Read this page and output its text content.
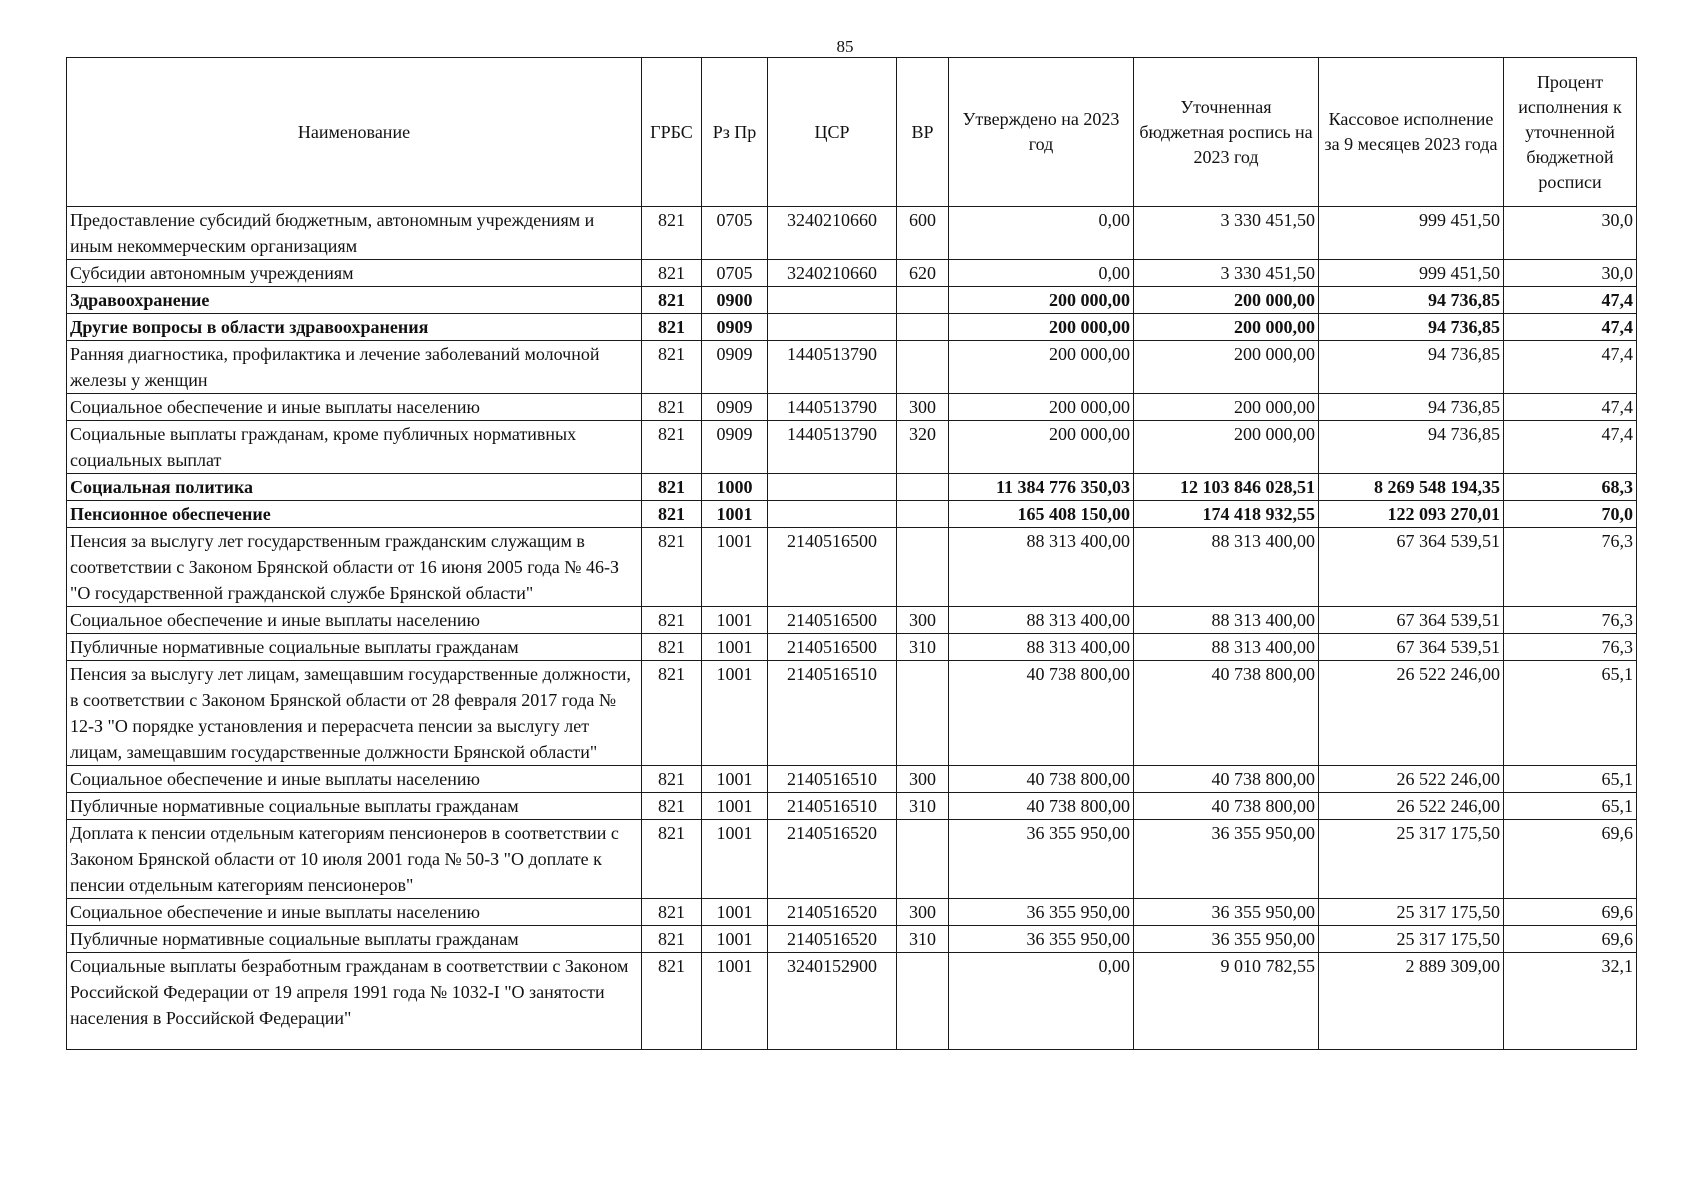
85
Наименование	ГРБС	Рз Пр	ЦСР	ВР	Утверждено на 2023 год	Уточненная бюджетная роспись на 2023 год	Кассовое исполнение за 9 месяцев 2023 года	Процент исполнения к уточненной бюджетной росписи
Предоставление субсидий бюджетным, автономным учреждениям и иным некоммерческим организациям	821	0705	3240210660	600	0,00	3 330 451,50	999 451,50	30,0
Субсидии автономным учреждениям	821	0705	3240210660	620	0,00	3 330 451,50	999 451,50	30,0
Здравоохранение	821	0900			200 000,00	200 000,00	94 736,85	47,4
Другие вопросы в области здравоохранения	821	0909			200 000,00	200 000,00	94 736,85	47,4
Ранняя диагностика, профилактика и лечение заболеваний молочной железы у женщин	821	0909	1440513790		200 000,00	200 000,00	94 736,85	47,4
Социальное обеспечение и иные выплаты населению	821	0909	1440513790	300	200 000,00	200 000,00	94 736,85	47,4
Социальные выплаты гражданам, кроме публичных нормативных социальных выплат	821	0909	1440513790	320	200 000,00	200 000,00	94 736,85	47,4
Социальная политика	821	1000			11 384 776 350,03	12 103 846 028,51	8 269 548 194,35	68,3
Пенсионное обеспечение	821	1001			165 408 150,00	174 418 932,55	122 093 270,01	70,0
Пенсия за выслугу лет государственным гражданским служащим в соответствии с Законом Брянской области от 16 июня 2005 года № 46-З "О государственной гражданской службе Брянской области"	821	1001	2140516500		88 313 400,00	88 313 400,00	67 364 539,51	76,3
Социальное обеспечение и иные выплаты населению	821	1001	2140516500	300	88 313 400,00	88 313 400,00	67 364 539,51	76,3
Публичные нормативные социальные выплаты гражданам	821	1001	2140516500	310	88 313 400,00	88 313 400,00	67 364 539,51	76,3
Пенсия за выслугу лет лицам, замещавшим государственные должности, в соответствии с Законом Брянской области от 28 февраля 2017 года № 12-З "О порядке установления и перерасчета пенсии за выслугу лет лицам, замещавшим государственные должности Брянской области"	821	1001	2140516510		40 738 800,00	40 738 800,00	26 522 246,00	65,1
Социальное обеспечение и иные выплаты населению	821	1001	2140516510	300	40 738 800,00	40 738 800,00	26 522 246,00	65,1
Публичные нормативные социальные выплаты гражданам	821	1001	2140516510	310	40 738 800,00	40 738 800,00	26 522 246,00	65,1
Доплата к пенсии отдельным категориям пенсионеров в соответствии с Законом Брянской области от 10 июля 2001 года № 50-З "О доплате к пенсии отдельным категориям пенсионеров"	821	1001	2140516520		36 355 950,00	36 355 950,00	25 317 175,50	69,6
Социальное обеспечение и иные выплаты населению	821	1001	2140516520	300	36 355 950,00	36 355 950,00	25 317 175,50	69,6
Публичные нормативные социальные выплаты гражданам	821	1001	2140516520	310	36 355 950,00	36 355 950,00	25 317 175,50	69,6
Социальные выплаты безработным гражданам в соответствии с Законом Российской Федерации от 19 апреля 1991 года № 1032-I "О занятости населения в Российской Федерации"	821	1001	3240152900		0,00	9 010 782,55	2 889 309,00	32,1
